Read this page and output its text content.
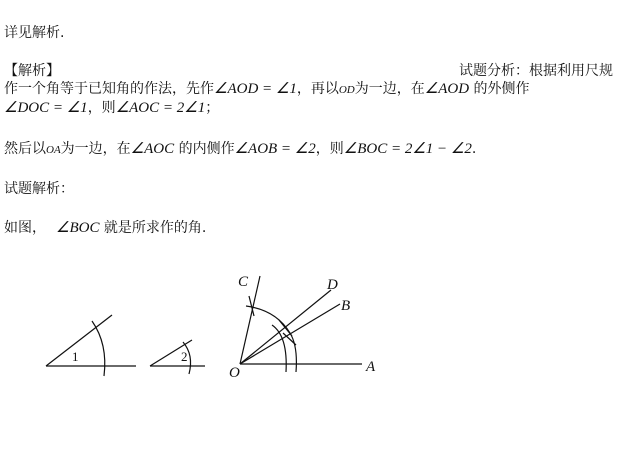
详见解析.
【解析】	试题分析：根据利用尺规
作一个角等于已知角的作法，先作∠AOD = ∠1，再以OD为一边，在∠AOD 的外侧作
∠DOC = ∠1，则∠AOC = 2∠1；
然后以OA为一边，在∠AOC 的内侧作∠AOB = ∠2，则∠BOC = 2∠1 − ∠2.
试题解析：
如图， ∠BOC 就是所求作的角.
1	2
O	A
B
C	D
